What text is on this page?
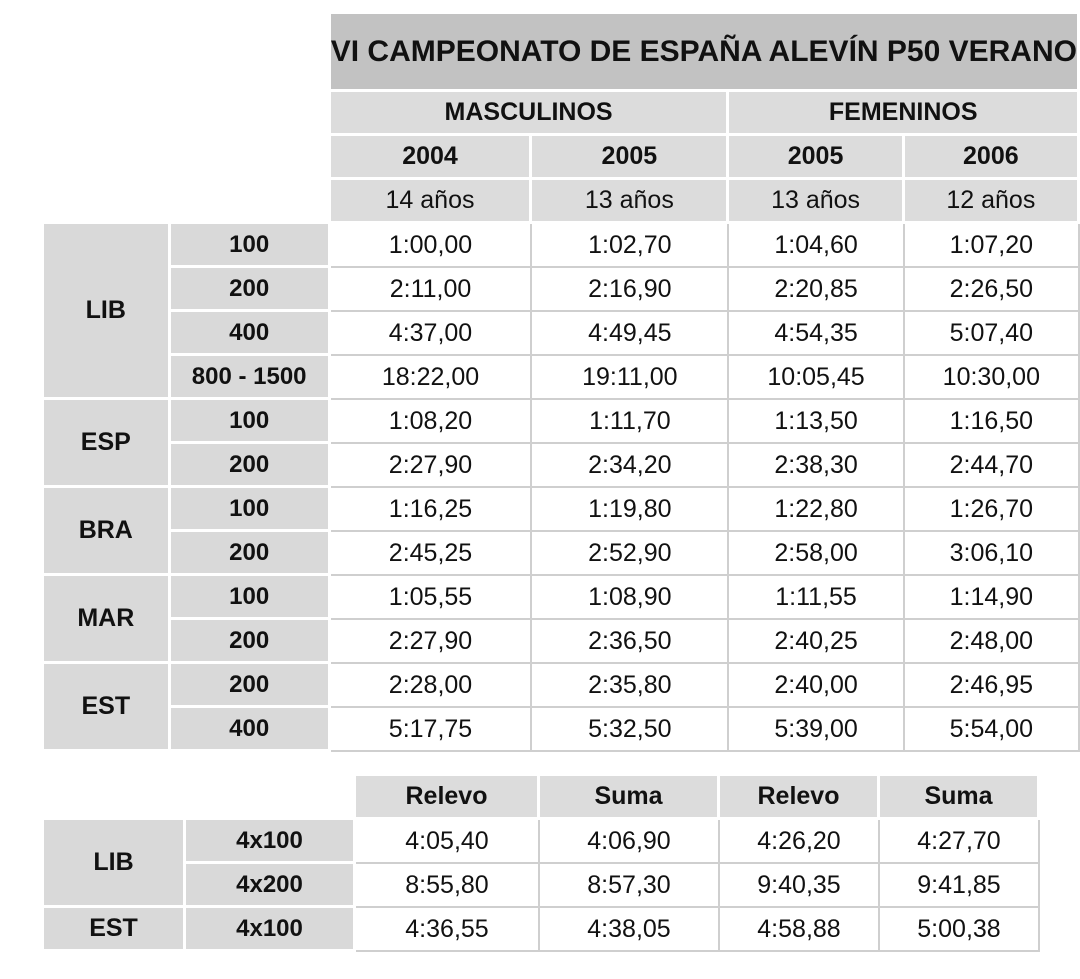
		VI CAMPEONATO DE ESPAÑA ALEVÍN P50 VERANO			
		MASCULINOS		FEMENINOS	
		2004	2005	2005	2006
		14 años	13 años	13 años	12 años
LIB	100	1:00,00	1:02,70	1:04,60	1:07,20
	200	2:11,00	2:16,90	2:20,85	2:26,50
	400	4:37,00	4:49,45	4:54,35	5:07,40
	800 - 1500	18:22,00	19:11,00	10:05,45	10:30,00
ESP	100	1:08,20	1:11,70	1:13,50	1:16,50
	200	2:27,90	2:34,20	2:38,30	2:44,70
BRA	100	1:16,25	1:19,80	1:22,80	1:26,70
	200	2:45,25	2:52,90	2:58,00	3:06,10
MAR	100	1:05,55	1:08,90	1:11,55	1:14,90
	200	2:27,90	2:36,50	2:40,25	2:48,00
EST	200	2:28,00	2:35,80	2:40,00	2:46,95
	400	5:17,75	5:32,50	5:39,00	5:54,00
		Relevo	Suma	Relevo	Suma
LIB	4x100	4:05,40	4:06,90	4:26,20	4:27,70
	4x200	8:55,80	8:57,30	9:40,35	9:41,85
EST	4x100	4:36,55	4:38,05	4:58,88	5:00,38
